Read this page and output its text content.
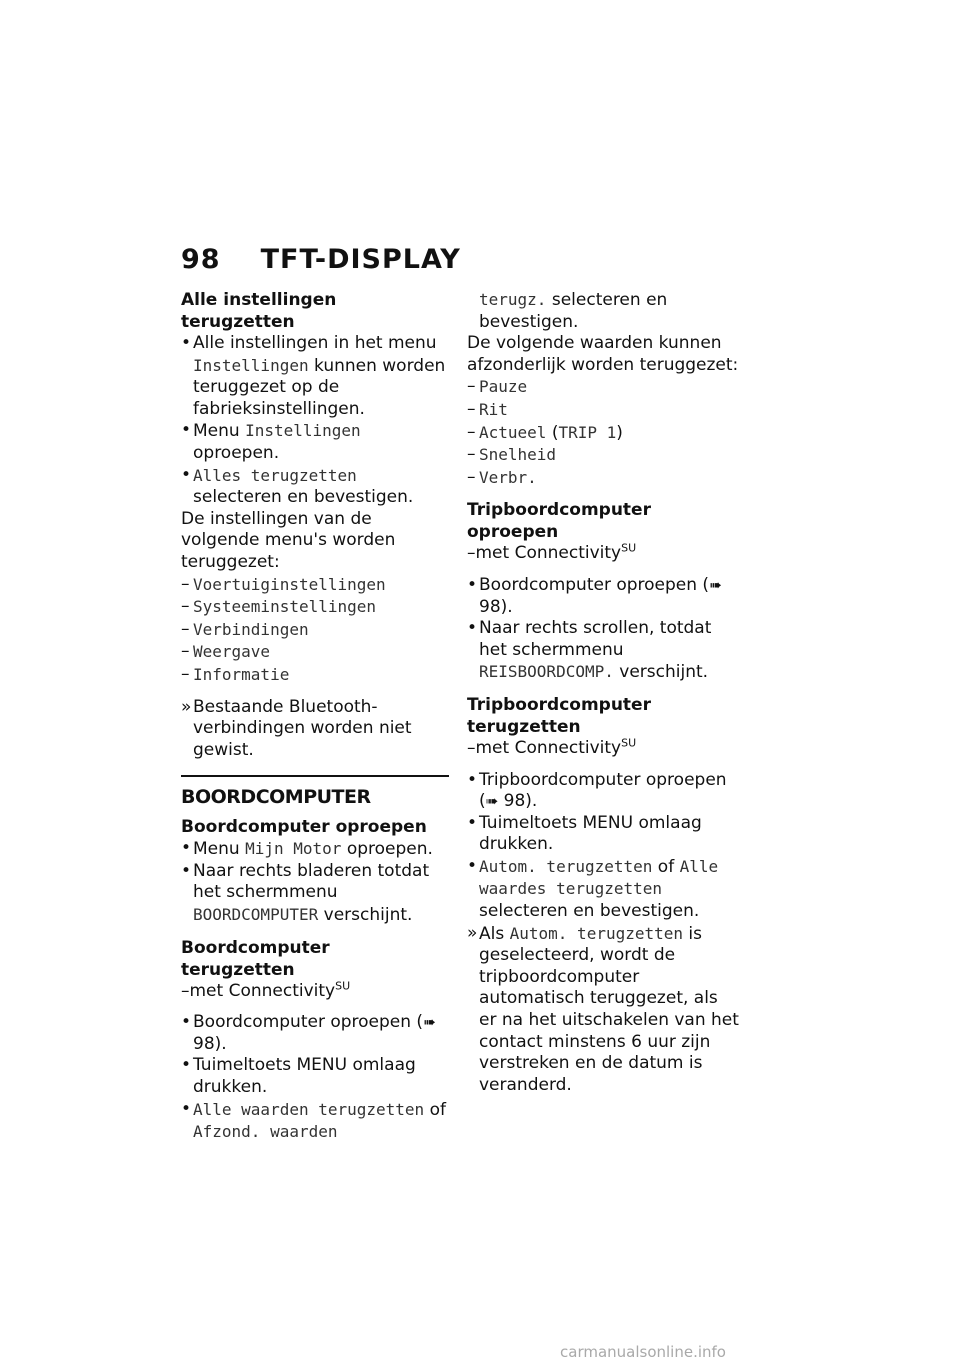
98 TFT-DISPLAY

Alle instellingen terugzetten

• Alle instellingen in het menu Instellingen kunnen worden teruggezet op de fabrieksinstellingen.
• Menu Instellingen oproepen.
• Alles terugzetten selecteren en bevestigen.

De instellingen van de volgende menu's worden teruggezet:

– Voertuiginstellingen
– Systeeminstellingen
– Verbindingen
– Weergave
– Informatie
» Bestaande Bluetooth-verbindingen worden niet gewist.

BOORDCOMPUTER

Boordcomputer oproepen

• Menu Mijn Motor oproepen.
• Naar rechts bladeren totdat het schermmenu BOORDCOMPUTER verschijnt.

Boordcomputer terugzetten

–met Connectivity$^{SU}$

• Boordcomputer oproepen (➠ 98).
• Tuimeltoets MENU omlaag drukken.
• Alle waarden terugzetten of Afzond. waarden
terugz. selecteren en bevestigen.

De volgende waarden kunnen afzonderlijk worden teruggezet:

– Pauze
– Rit
– Actueel (TRIP 1)
– Snelheid
– Verbr.

Tripboordcomputer oproepen

–met Connectivity$^{SU}$

• Boordcomputer oproepen (➠ 98).
• Naar rechts scrollen, totdat het schermmenu REISBOORDCOMP. verschijnt.

Tripboordcomputer terugzetten

–met Connectivity$^{SU}$

• Tripboordcomputer oproepen (➠ 98).
• Tuimeltoets MENU omlaag drukken.
• Autom. terugzetten of Alle waardes terugzetten selecteren en bevestigen.
» Als Autom. terugzetten is geselecteerd, wordt de tripboordcomputer automatisch teruggezet, als er na het uitschakelen van het contact minstens 6 uur zijn verstreken en de datum is veranderd.
carmanualsonline.info
